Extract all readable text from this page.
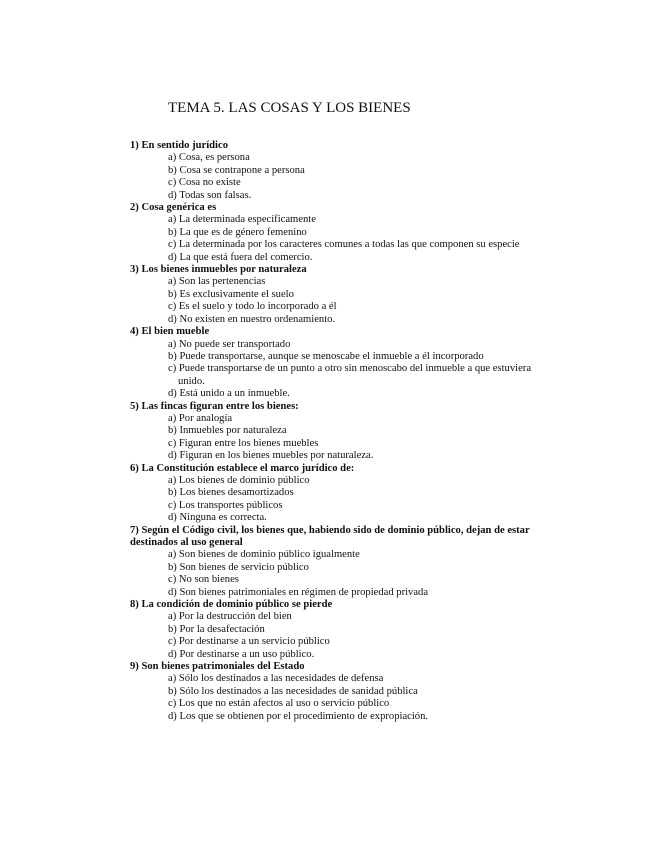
TEMA 5. LAS COSAS Y LOS BIENES
1) En sentido jurídico
a) Cosa, es persona
b) Cosa se contrapone a persona
c) Cosa no existe
d) Todas son falsas.
2) Cosa genérica es
a) La determinada específicamente
b) La que es de género femenino
c) La determinada por los caracteres comunes a todas las que componen su especie
d) La que está fuera del comercio.
3) Los bienes inmuebles por naturaleza
a) Son las pertenencias
b) Es exclusivamente el suelo
c) Es el suelo y todo lo incorporado a él
d) No existen en nuestro ordenamiento.
4) El bien mueble
a) No puede ser transportado
b) Puede transportarse, aunque se menoscabe el inmueble a él incorporado
c) Puede transportarse de un punto a otro sin menoscabo del inmueble a que estuviera unido.
d) Está unido a un inmueble.
5) Las fincas figuran entre los bienes:
a) Por analogía
b) Inmuebles por naturaleza
c) Figuran entre los bienes muebles
d) Figuran en los bienes muebles por naturaleza.
6) La Constitución establece el marco jurídico de:
a) Los bienes de dominio público
b) Los bienes desamortizados
c) Los transportes públicos
d) Ninguna es correcta.
7) Según el Código civil, los bienes que, habiendo sido de dominio público, dejan de estar destinados al uso general
a) Son bienes de dominio público igualmente
b) Son bienes de servicio público
c) No son bienes
d) Son bienes patrimoniales en régimen de propiedad privada
8) La condición de dominio público se pierde
a) Por la destrucción del bien
b) Por la desafectación
c) Por destinarse a un servicio público
d) Por destinarse a un uso público.
9) Son bienes patrimoniales del Estado
a) Sólo los destinados a las necesidades de defensa
b) Sólo los destinados a las necesidades de sanidad pública
c) Los que no están afectos al uso o servicio público
d) Los que se obtienen por el procedimiento de expropiación.
